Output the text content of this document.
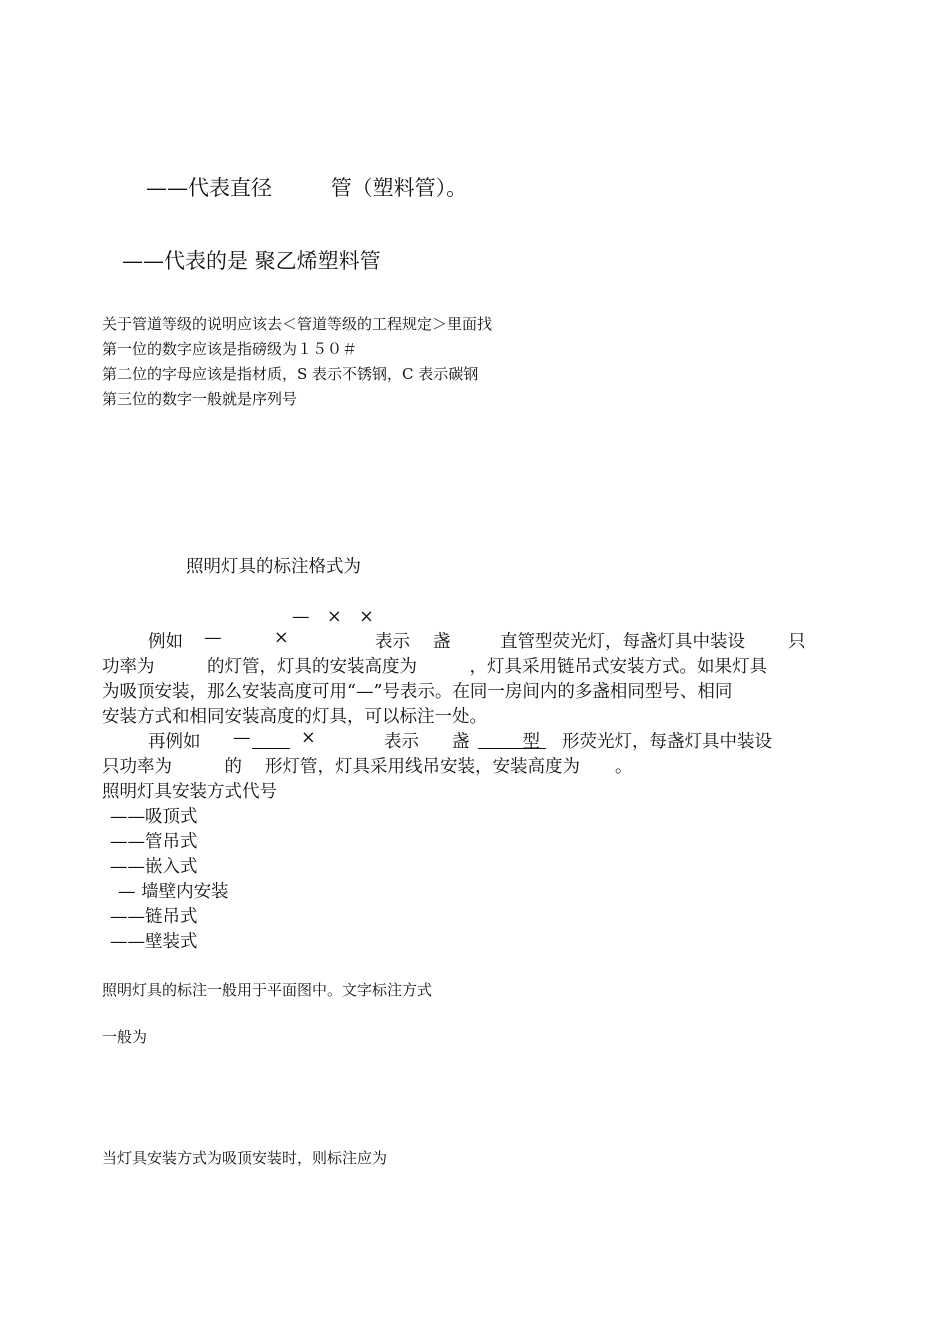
——代表直径	管（塑料管）。
——代表的是 聚乙烯塑料管
关于管道等级的说明应该去＜管道等级的工程规定＞里面找
第一位的数字应该是指磅级为１５０＃
第二位的字母应该是指材质，S 表示不锈钢，C 表示碳钢
第三位的数字一般就是序列号
照明灯具的标注格式为
—　×　×
例如 —	×	表示 盏	直管型荧光灯，每盏灯具中装设 只
功率为　　　的灯管，灯具的安装高度为　　　，灯具采用链吊式安装方式。如果灯具
为吸顶安装，那么安装高度可用“—”号表示。在同一房间内的多盏相同型号、相同
安装方式和相同安装高度的灯具，可以标注一处。
再例如 —	×	表示 盏	型	形荧光灯，每盏灯具中装设
只功率为　　　的　 形灯管，灯具采用线吊安装，安装高度为　　。
照明灯具安装方式代号
——吸顶式
——管吊式
——嵌入式
— 墙壁内安装
——链吊式
——壁装式
照明灯具的标注一般用于平面图中。文字标注方式
一般为
当灯具安装方式为吸顶安装时，则标注应为
